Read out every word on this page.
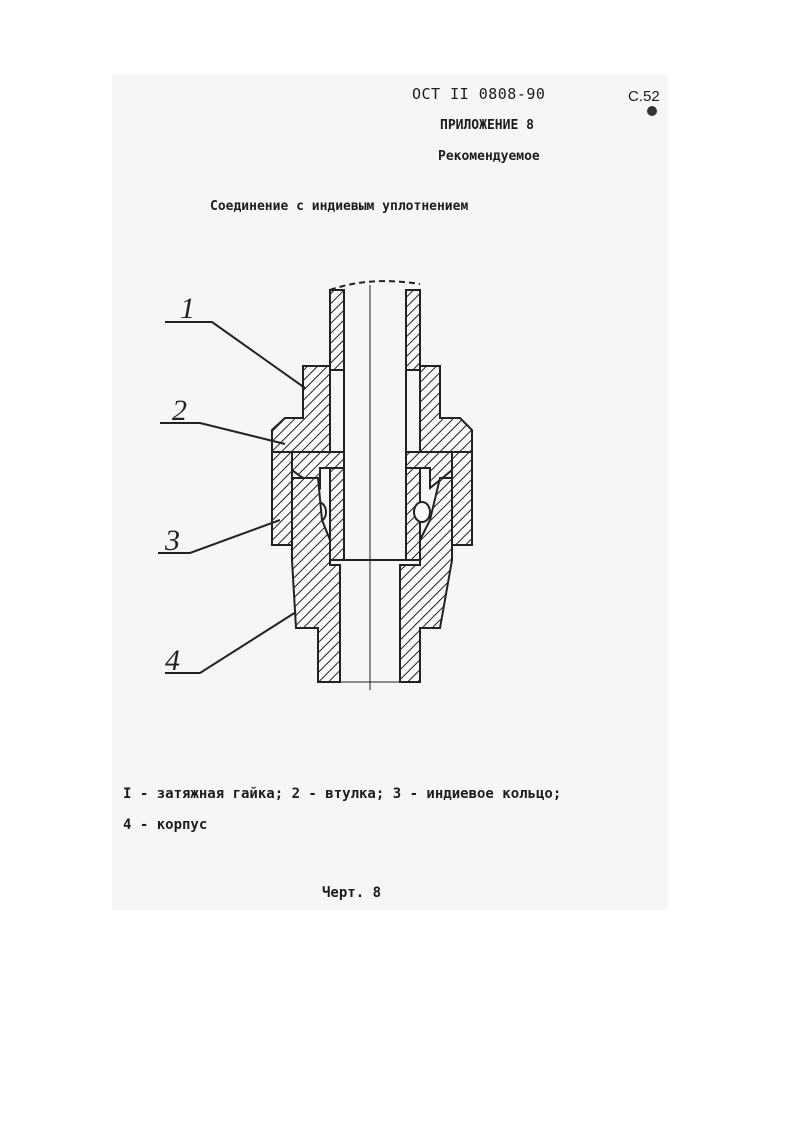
ОСТ II 0808-90	С.52
ПРИЛОЖЕНИЕ 8
Рекомендуемое
Соединение с индиевым уплотнением
1
2
3
4
I - затяжная гайка; 2 - втулка; 3 - индиевое кольцо;
4 - корпус
Черт. 8
